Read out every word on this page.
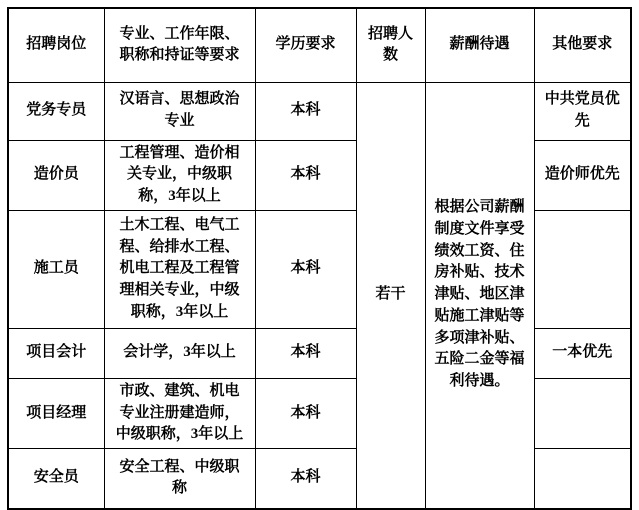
招聘岗位	专业、工作年限、职称和持证等要求	学历要求	招聘人数	薪酬待遇	其他要求
党务专员	汉语言、思想政治专业	本科	若干	根据公司薪酬制度文件享受绩效工资、住房补贴、技术津贴、地区津贴施工津贴等多项津补贴、五险二金等福利待遇。	中共党员优先
造价员	工程管理、造价相关专业，中级职称，3年以上	本科			造价师优先
施工员	土木工程、电气工程、给排水工程、机电工程及工程管理相关专业，中级职称，3年以上	本科			
项目会计	会计学，3年以上	本科			一本优先
项目经理	市政、建筑、机电专业注册建造师，中级职称，3年以上	本科			
安全员	安全工程、中级职称	本科			
